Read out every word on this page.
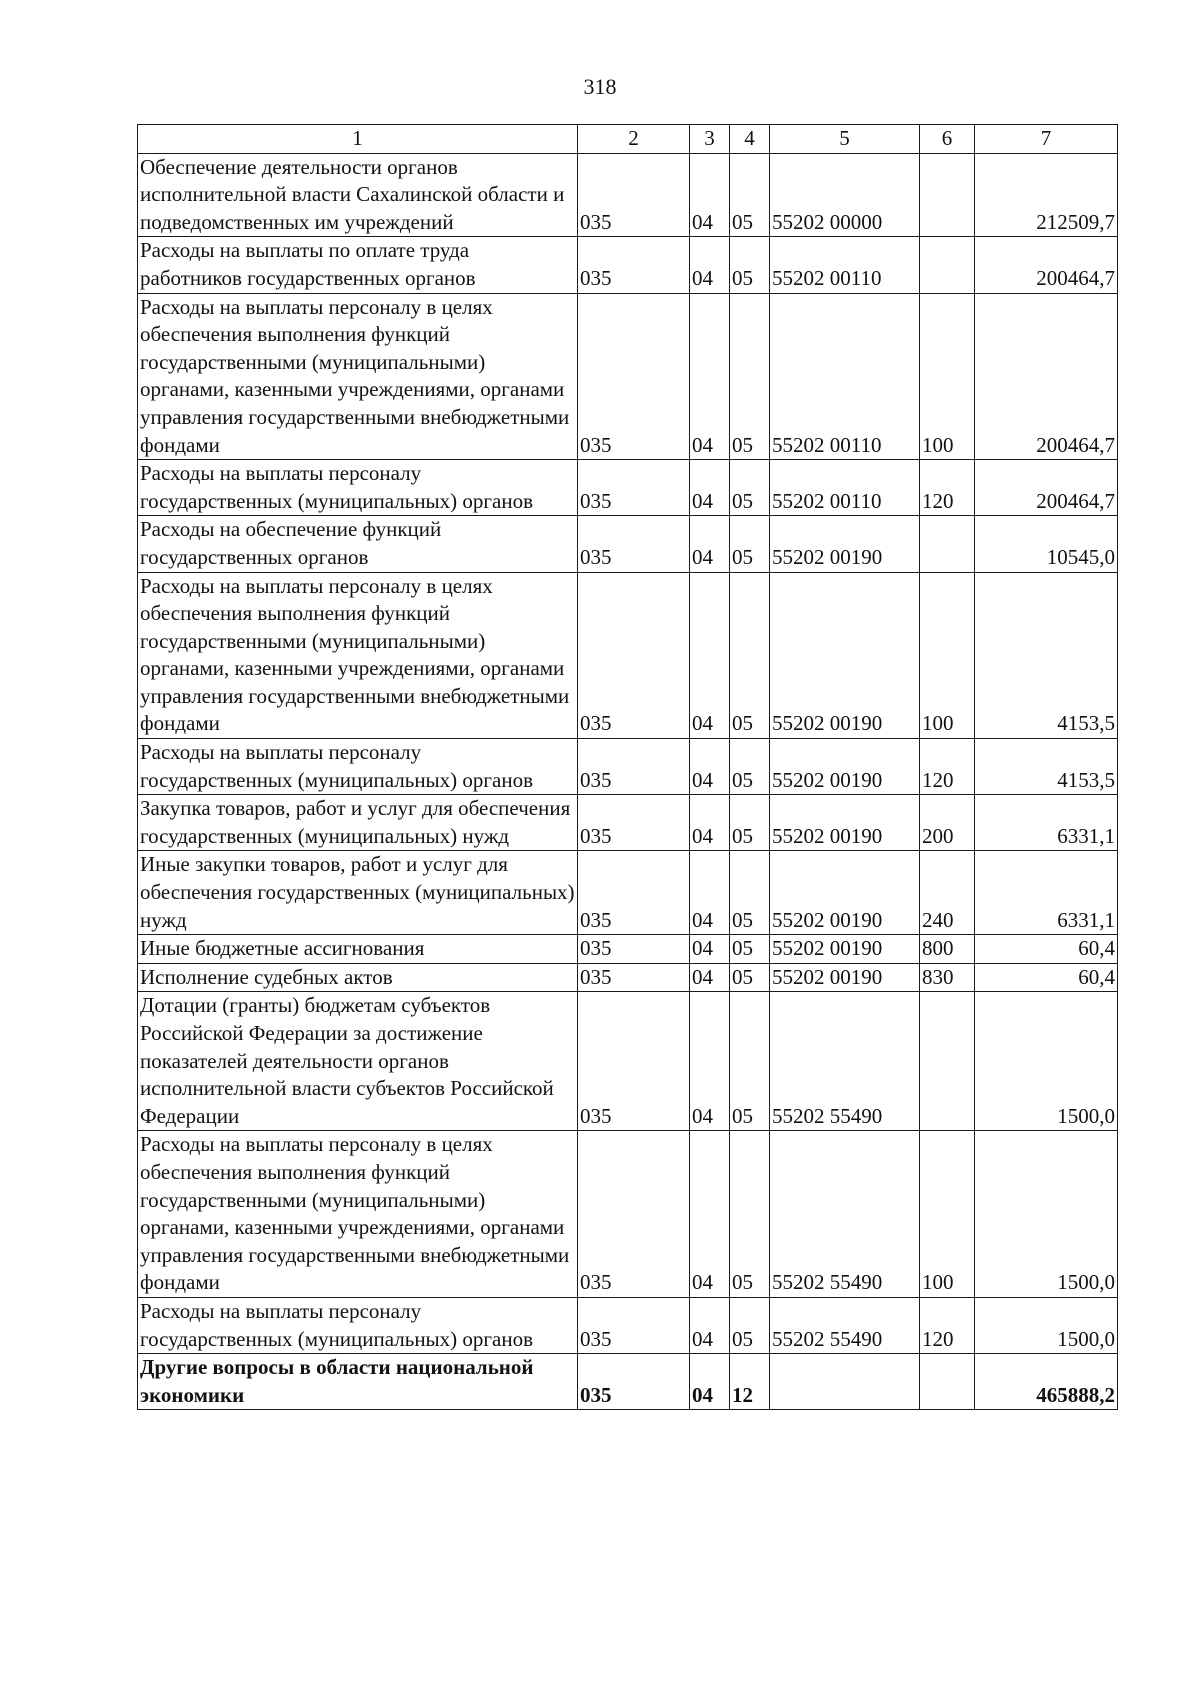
318
1	2	3	4	5	6	7
Обеспечение деятельности органов исполнительной власти Сахалинской области и подведомственных им учреждений	035	04	05	55202 00000		212509,7
Расходы на выплаты по оплате труда работников государственных органов	035	04	05	55202 00110		200464,7
Расходы на выплаты персоналу в целях обеспечения выполнения функций государственными (муниципальными) органами, казенными учреждениями, органами управления государственными внебюджетными фондами	035	04	05	55202 00110	100	200464,7
Расходы на выплаты персоналу государственных (муниципальных) органов	035	04	05	55202 00110	120	200464,7
Расходы на обеспечение функций государственных органов	035	04	05	55202 00190		10545,0
Расходы на выплаты персоналу в целях обеспечения выполнения функций государственными (муниципальными) органами, казенными учреждениями, органами управления государственными внебюджетными фондами	035	04	05	55202 00190	100	4153,5
Расходы на выплаты персоналу государственных (муниципальных) органов	035	04	05	55202 00190	120	4153,5
Закупка товаров, работ и услуг для обеспечения государственных (муниципальных) нужд	035	04	05	55202 00190	200	6331,1
Иные закупки товаров, работ и услуг для обеспечения государственных (муниципальных) нужд	035	04	05	55202 00190	240	6331,1
Иные бюджетные ассигнования	035	04	05	55202 00190	800	60,4
Исполнение судебных актов	035	04	05	55202 00190	830	60,4
Дотации (гранты) бюджетам субъектов Российской Федерации за достижение показателей деятельности органов исполнительной власти субъектов Российской Федерации	035	04	05	55202 55490		1500,0
Расходы на выплаты персоналу в целях обеспечения выполнения функций государственными (муниципальными) органами, казенными учреждениями, органами управления государственными внебюджетными фондами	035	04	05	55202 55490	100	1500,0
Расходы на выплаты персоналу государственных (муниципальных) органов	035	04	05	55202 55490	120	1500,0
Другие вопросы в области национальной экономики	035	04	12			465888,2
